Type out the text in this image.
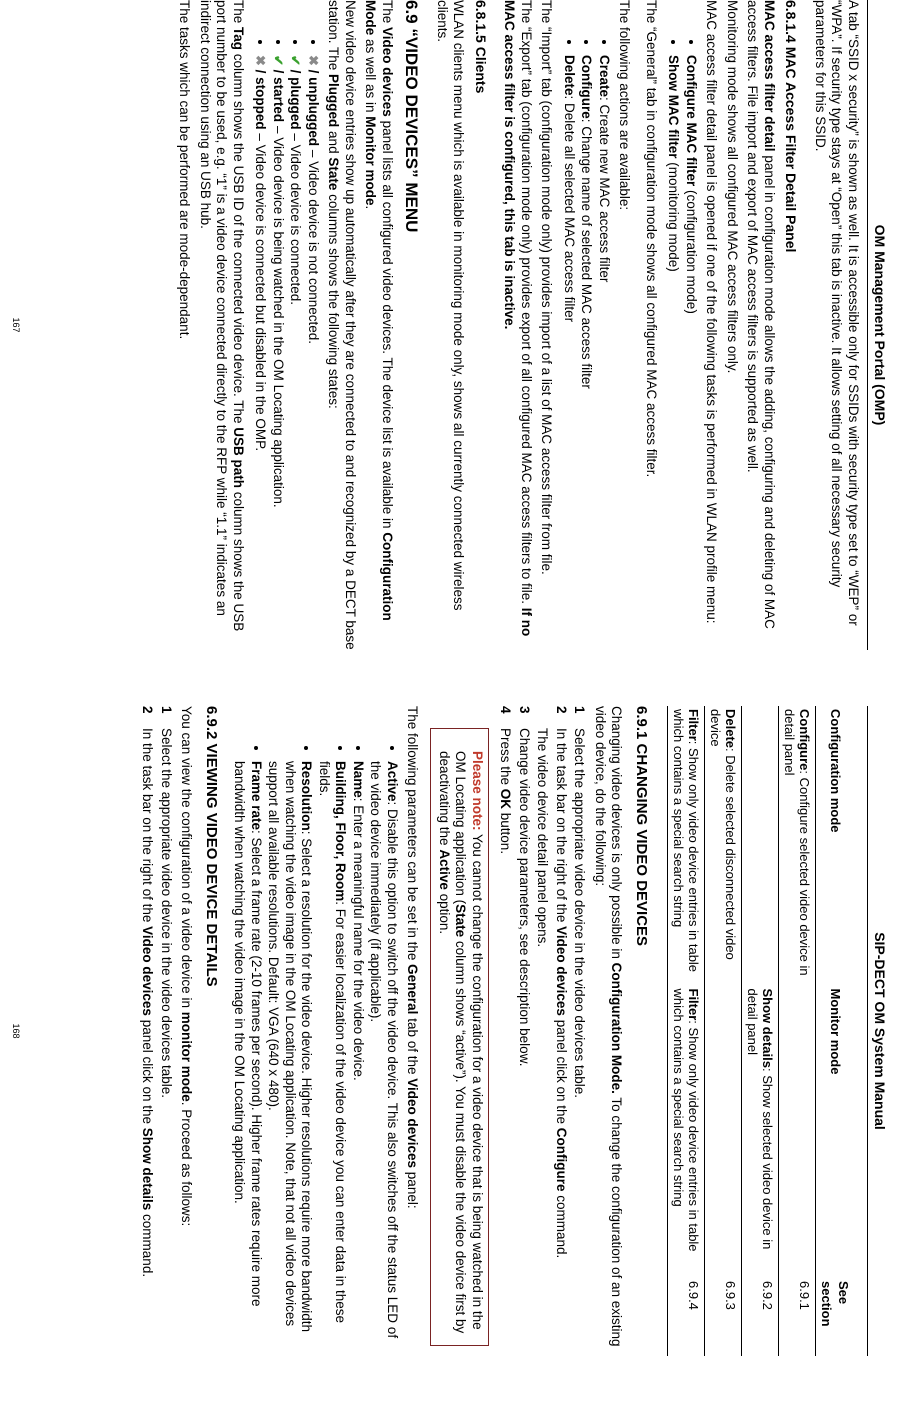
OM Management Portal (OMP)

A tab “SSID x security” is shown as well. It is accessible only for SSIDs with security type set to “WEP” or “WPA”. If security type stays at “Open” this tab is inactive. It allows setting of all necessary security parameters for this SSID.

6.8.1.4 MAC Access Filter Detail Panel

MAC access filter detail panel in configuration mode allows the adding, configuring and deleting of MAC access filters. File import and export of MAC access filters is supported as well.

Monitoring mode shows all configured MAC access filters only.

MAC access filter detail panel is opened if one of the following tasks is performed in WLAN profile menu:

• Configure MAC filter (configuration mode)
• Show MAC filter (monitoring mode)

The “General” tab in configuration mode shows all configured MAC access filter.

The following actions are available:

• Create: Create new MAC access filter
• Configure: Change name of selected MAC access filter
• Delete: Delete all selected MAC access filter

The “Import” tab (configuration mode only) provides import of a list of MAC access filter from file.

The “Export” tab (configuration mode only) provides export of all configured MAC access filters to file. If no MAC access filter is configured, this tab is inactive.

6.8.1.5 Clients

WLAN clients menu which is available in monitoring mode only, shows all currently connected wireless clients.

6.9 “VIDEO DEVICES” MENU

The Video devices panel lists all configured video devices. The device list is available in Configuration Mode as well as in Monitor mode.

New video device entries show up automatically after they are connected to and recognized by a DECT base station. The Plugged and State columns shows the following states:

• ✖ / unplugged – Video device is not connected.
• ✔ / plugged – Video device is connected.
• ✔ / started – Video device is being watched in the OM Locating application.
• ✖ / stopped – Video device is connected but disabled in the OMP.

The Tag column shows the USB ID of the connected video device. The USB path column shows the USB port number to be used, e.g. “1” is a video device connected directly to the RFP while “1.1” indicates an indirect connection using an USB hub.

The tasks which can be performed are mode-dependant.

167
SIP-DECT OM System Manual
Configuration mode	Monitor mode	See section
Configure: Configure selected video device in detail panel		6.9.1
	Show details: Show selected video device in detail panel	6.9.2
Delete: Delete selected disconnected video device		6.9.3
Filter: Show only video device entries in table which contains a special search string	Filter: Show only video device entries in table which contains a special search string	6.9.4
6.9.1 CHANGING VIDEO DEVICES

Changing video devices is only possible in Configuration Mode. To change the configuration of an existing video device, do the following:

1
Select the appropriate video device in the video devices table.
2
In the task bar on the right of the Video devices panel click on the Configure command.
The video device detail panel opens.
3
Change video device parameters, see description below.
4
Press the OK button.
Please note: You cannot change the configuration for a video device that is being watched in the OM Locating application (State column shows “active”). You must disable the video device first by deactivating the Active option.

The following parameters can be set in the General tab of the Video devices panel:

• Active: Disable this option to switch off the video device. This also switches off the status LED of the video device immediately (if applicable).
• Name: Enter a meaningful name for the video device.
• Building, Floor, Room: For easier localization of the video device you can enter data in these fields.
• Resolution: Select a resolution for the video device. Higher resolutions require more bandwidth when watching the video image in the OM Locating application. Note, that not all video devices support all available resolutions. Default: VGA (640 x 480).
• Frame rate: Select a frame rate (2-10 frames per second). Higher frame rates require more bandwidth when watching the video image in the OM Locating application.
6.9.2 VIEWING VIDEO DEVICE DETAILS

You can view the configuration of a video device in monitor mode. Proceed as follows:

1
Select the appropriate video device in the video devices table.
2
In the task bar on the right of the Video devices panel click on the Show details command.
168
